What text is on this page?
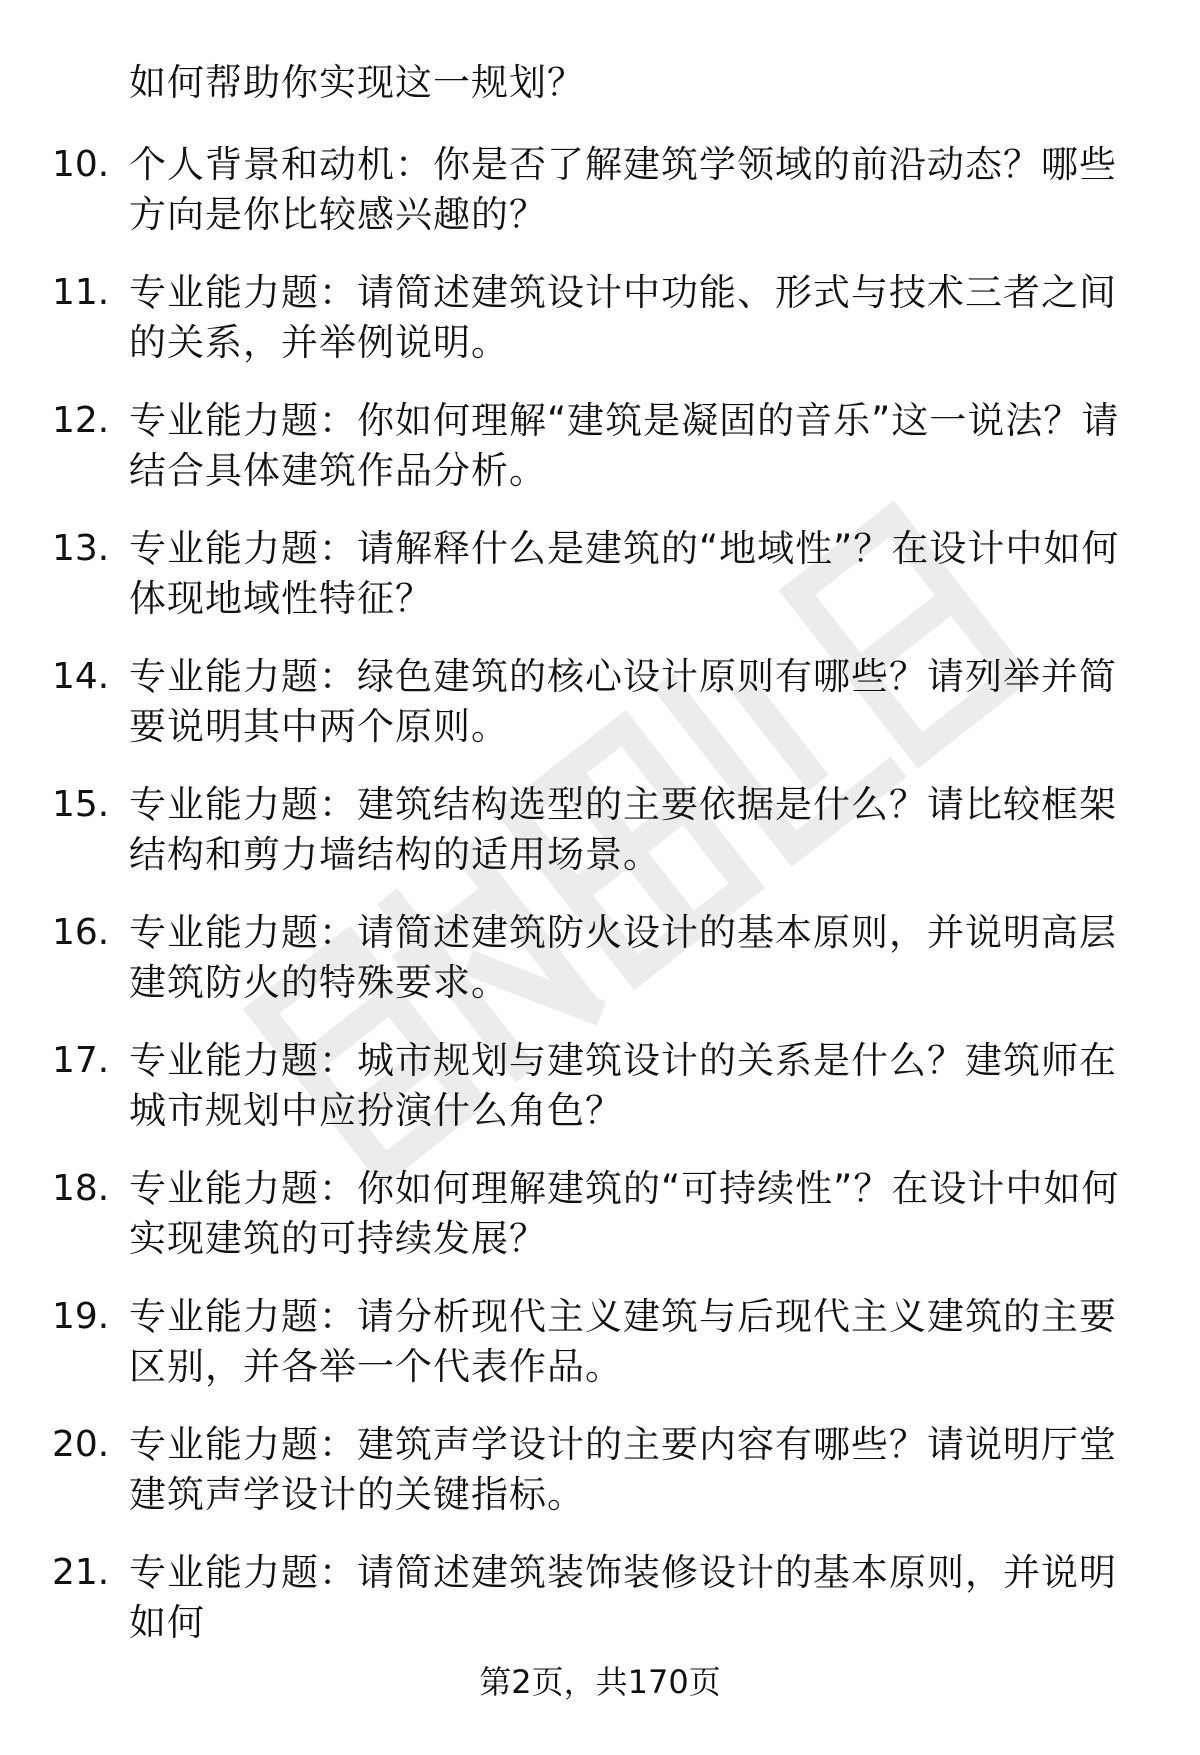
如何帮助你实现这一规划？
10. 个人背景和动机：你是否了解建筑学领域的前沿动态？哪些方向是你比较感兴趣的？
11. 专业能力题：请简述建筑设计中功能、形式与技术三者之间的关系，并举例说明。
12. 专业能力题：你如何理解“建筑是凝固的音乐”这一说法？请结合具体建筑作品分析。
13. 专业能力题：请解释什么是建筑的“地域性”？在设计中如何体现地域性特征？
14. 专业能力题：绿色建筑的核心设计原则有哪些？请列举并简要说明其中两个原则。
15. 专业能力题：建筑结构选型的主要依据是什么？请比较框架结构和剪力墙结构的适用场景。
16. 专业能力题：请简述建筑防火设计的基本原则，并说明高层建筑防火的特殊要求。
17. 专业能力题：城市规划与建筑设计的关系是什么？建筑师在城市规划中应扮演什么角色？
18. 专业能力题：你如何理解建筑的“可持续性”？在设计中如何实现建筑的可持续发展？
19. 专业能力题：请分析现代主义建筑与后现代主义建筑的主要区别，并各举一个代表作品。
20. 专业能力题：建筑声学设计的主要内容有哪些？请说明厅堂建筑声学设计的关键指标。
21. 专业能力题：请简述建筑装饰装修设计的基本原则，并说明如何
第2页，共170页
